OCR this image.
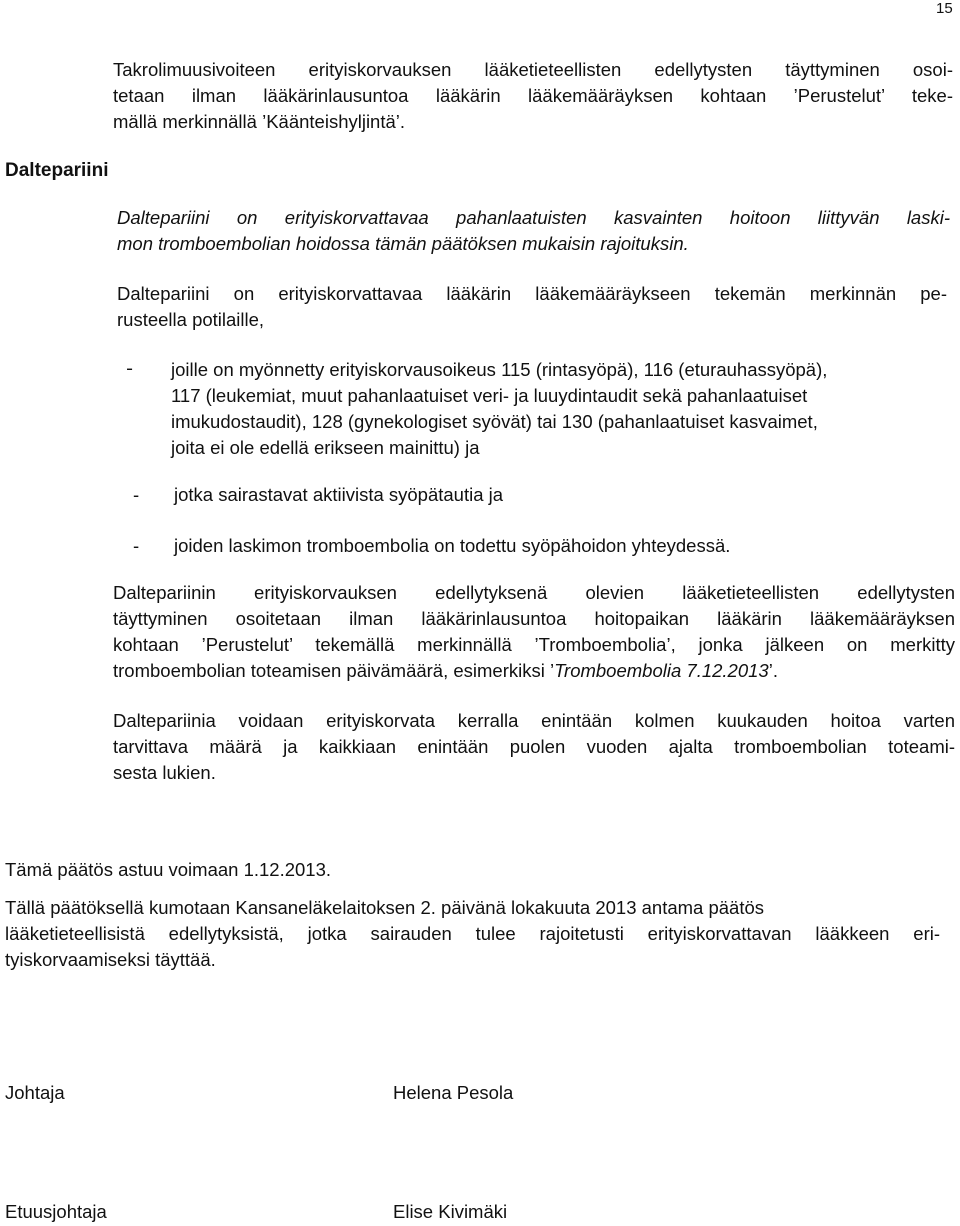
15
Daltepariini

Takrolimuusivoiteen erityiskorvauksen lääketieteellisten edellytysten täyttyminen osoi-

tetaan ilman lääkärinlausuntoa lääkärin lääkemääräyksen kohtaan ’Perustelut’ teke-

mällä merkinnällä ’Käänteishyljintä’.

Daltepariini on erityiskorvattavaa pahanlaatuisten kasvainten hoitoon liittyvän laski-

mon tromboembolian hoidossa tämän päätöksen mukaisin rajoituksin.

Daltepariini on erityiskorvattavaa lääkärin lääkemääräykseen tekemän merkinnän pe-

rusteella potilaille,

- joille on myönnetty erityiskorvausoikeus 115 (rintasyöpä), 116 (eturauhassyöpä),

117 (leukemiat, muut pahanlaatuiset veri- ja luuydintaudit sekä pahanlaatuiset

imukudostaudit), 128 (gynekologiset syövät) tai 130 (pahanlaatuiset kasvaimet,

joita ei ole edellä erikseen mainittu) ja

- jotka sairastavat aktiivista syöpätautia ja
- joiden laskimon tromboembolia on todettu syöpähoidon yhteydessä.

Daltepariinin erityiskorvauksen edellytyksenä olevien lääketieteellisten edellytysten

täyttyminen osoitetaan ilman lääkärinlausuntoa hoitopaikan lääkärin lääkemääräyksen

kohtaan ’Perustelut’ tekemällä merkinnällä ’Tromboembolia’, jonka jälkeen on merkitty

tromboembolian toteamisen päivämäärä, esimerkiksi ’Tromboembolia 7.12.2013’.

Daltepariinia voidaan erityiskorvata kerralla enintään kolmen kuukauden hoitoa varten

tarvittava määrä ja kaikkiaan enintään puolen vuoden ajalta tromboembolian toteami-

sesta lukien.

Tämä päätös astuu voimaan 1.12.2013.

Tällä päätöksellä kumotaan Kansaneläkelaitoksen 2. päivänä lokakuuta 2013 antama päätös

lääketieteellisistä edellytyksistä, jotka sairauden tulee rajoitetusti erityiskorvattavan lääkkeen eri-

tyiskorvaamiseksi täyttää.

Johtaja	Helena Pesola
Etuusjohtaja	Elise Kivimäki
